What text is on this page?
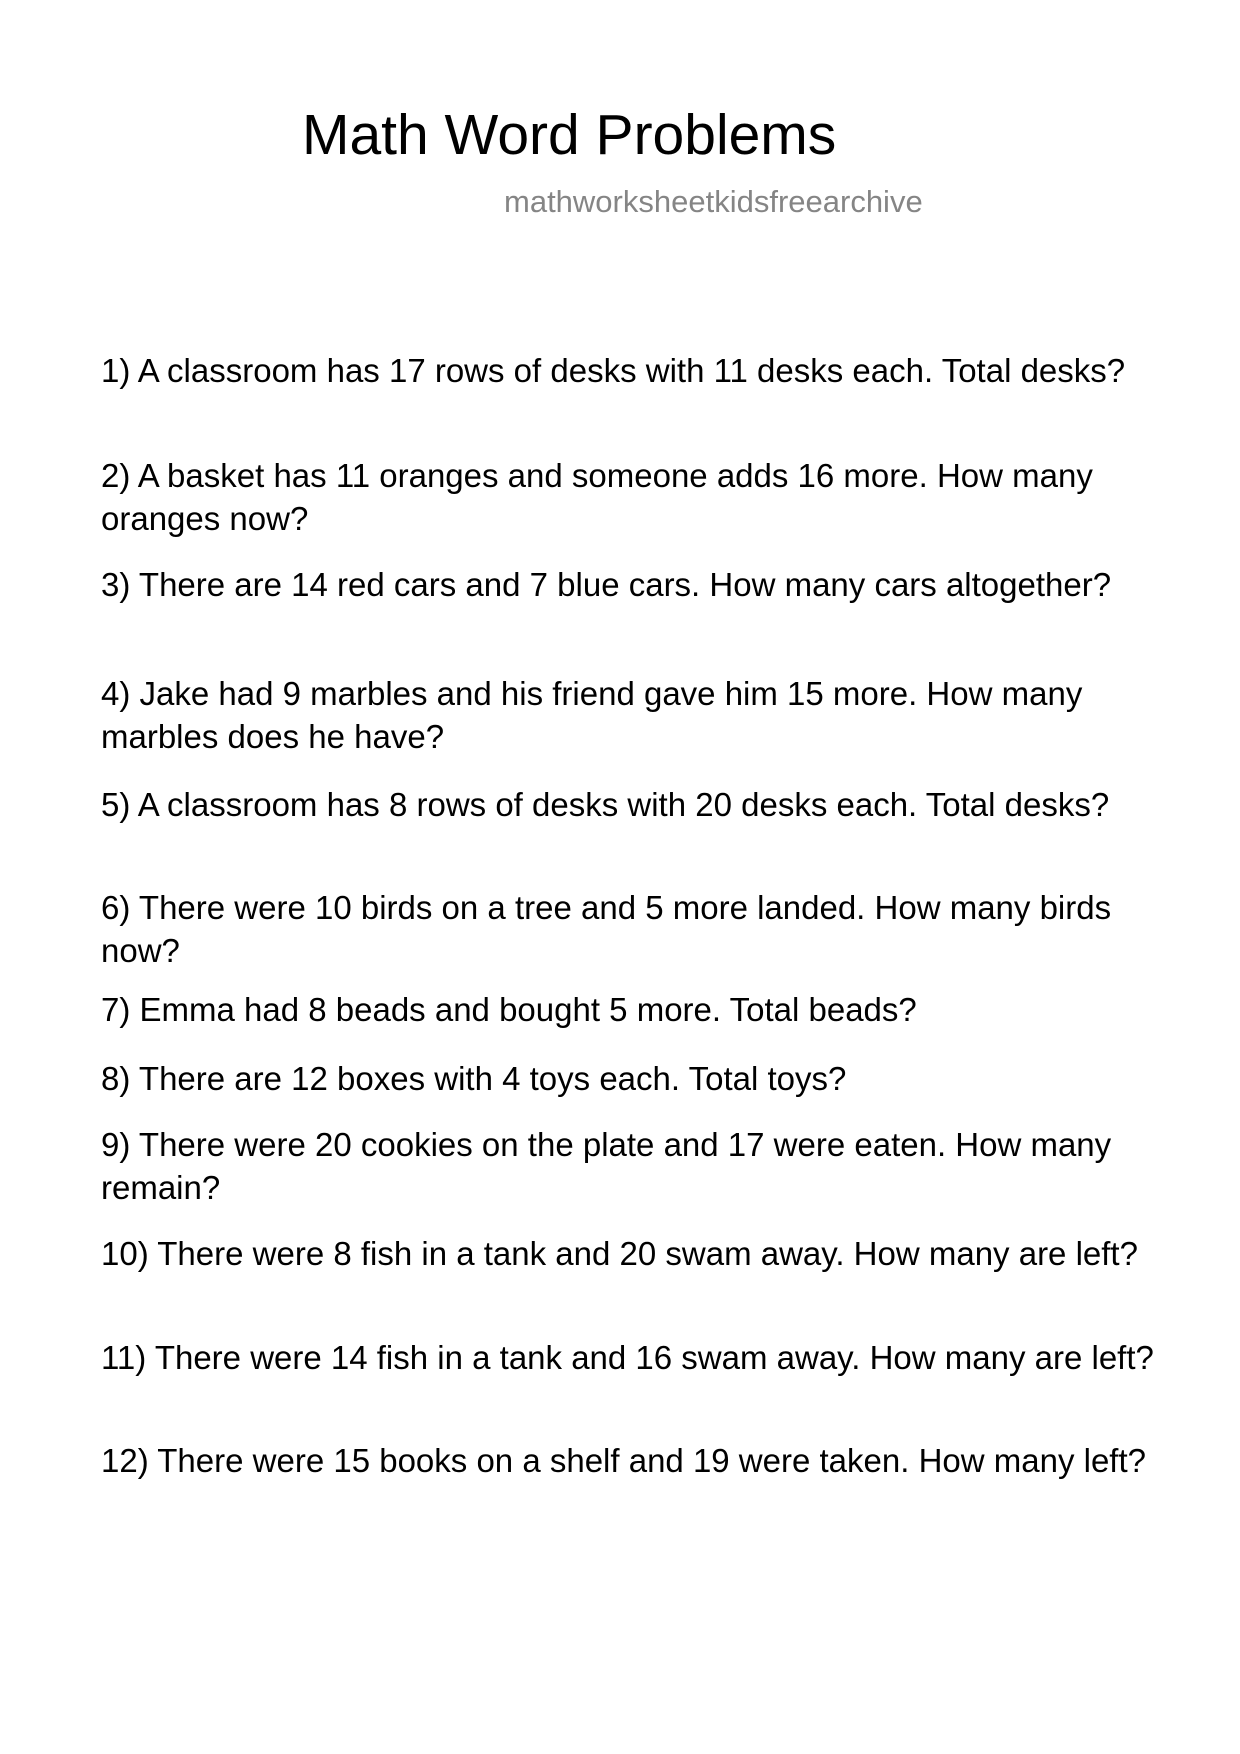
Math Word Problems
mathworksheetkidsfreearchive
1) A classroom has 17 rows of desks with 11 desks each. Total desks?
2) A basket has 11 oranges and someone adds 16 more. How many oranges now?
3) There are 14 red cars and 7 blue cars. How many cars altogether?
4) Jake had 9 marbles and his friend gave him 15 more. How many marbles does he have?
5) A classroom has 8 rows of desks with 20 desks each. Total desks?
6) There were 10 birds on a tree and 5 more landed. How many birds now?
7) Emma had 8 beads and bought 5 more. Total beads?
8) There are 12 boxes with 4 toys each. Total toys?
9) There were 20 cookies on the plate and 17 were eaten. How many remain?
10) There were 8 fish in a tank and 20 swam away. How many are left?
11) There were 14 fish in a tank and 16 swam away. How many are left?
12) There were 15 books on a shelf and 19 were taken. How many left?
